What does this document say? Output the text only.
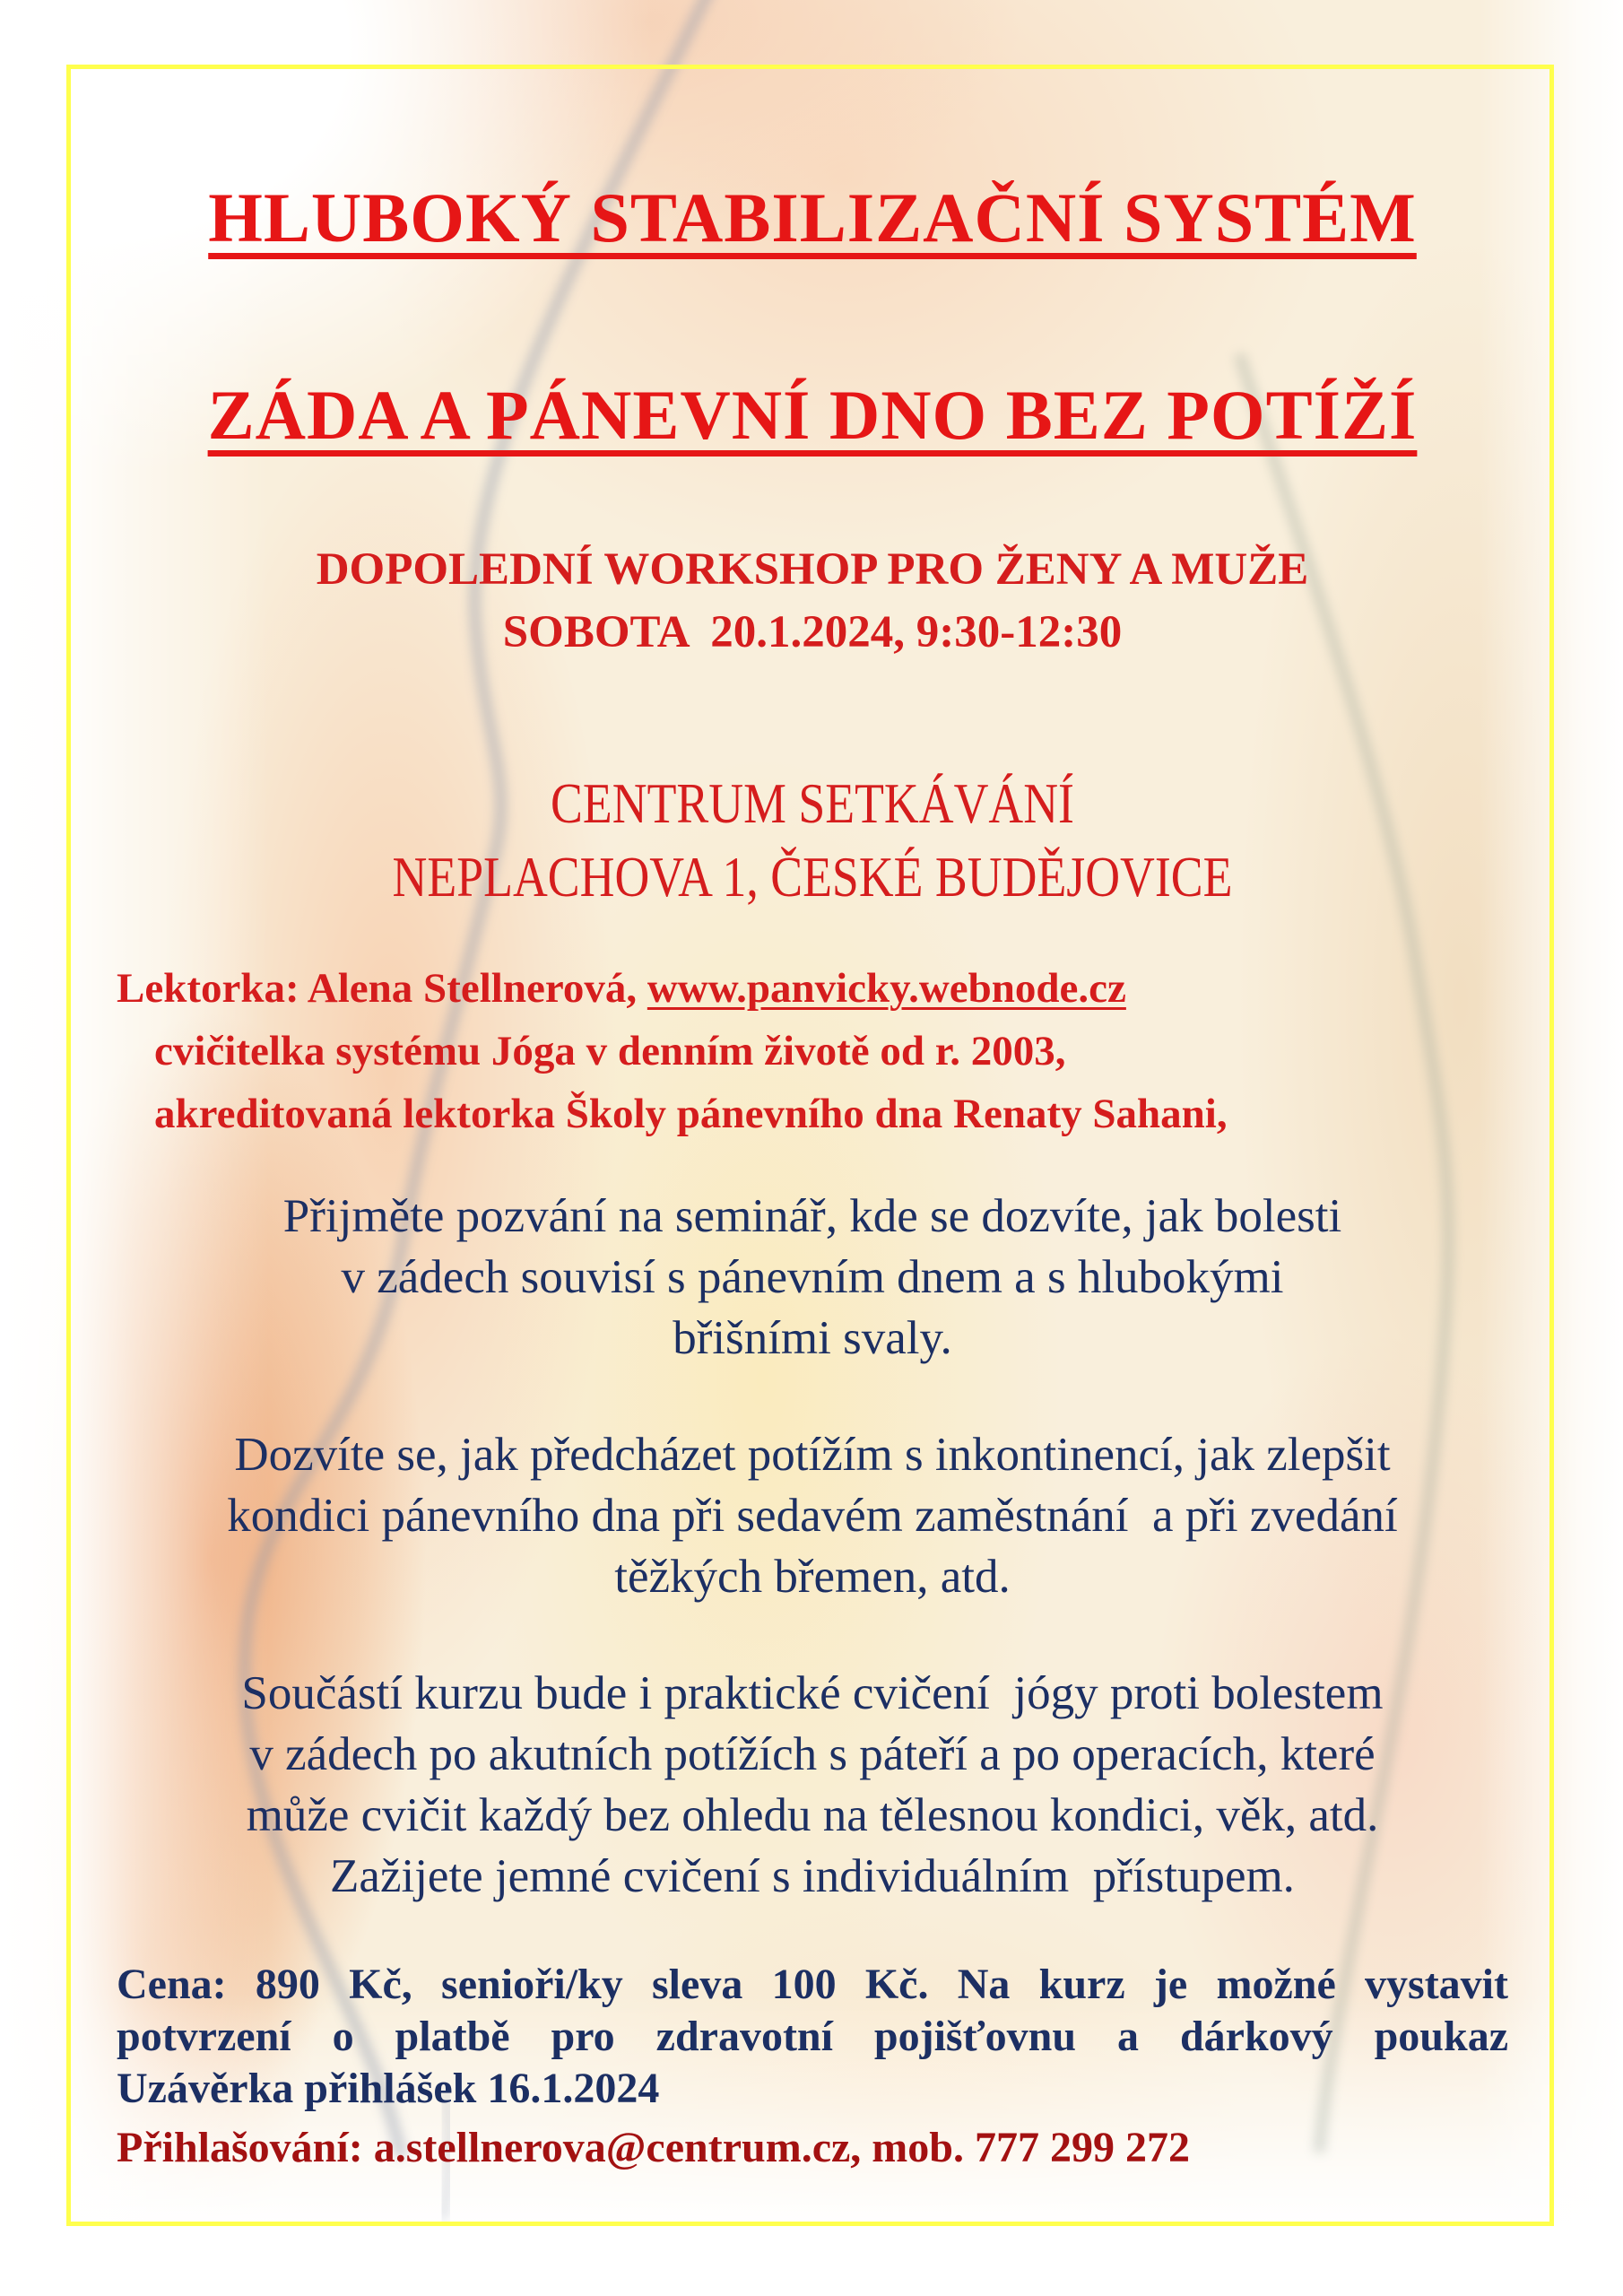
HLUBOKÝ STABILIZAČNÍ SYSTÉM
ZÁDA A PÁNEVNÍ DNO BEZ POTÍŽÍ
DOPOLEDNÍ WORKSHOP PRO ŽENY A MUŽE
SOBOTA  20.1.2024, 9:30-12:30
CENTRUM SETKÁVÁNÍ
NEPLACHOVA 1, ČESKÉ BUDĚJOVICE
Lektorka: Alena Stellnerová, www.panvicky.webnode.cz
cvičitelka systému Jóga v denním životě od r. 2003,
akreditovaná lektorka Školy pánevního dna Renaty Sahani,
Přijměte pozvání na seminář, kde se dozvíte, jak bolesti
v zádech souvisí s pánevním dnem a s hlubokými
břišními svaly.
Dozvíte se, jak předcházet potížím s inkontinencí, jak zlepšit
kondici pánevního dna při sedavém zaměstnání  a při zvedání
těžkých břemen, atd.
Součástí kurzu bude i praktické cvičení  jógy proti bolestem
v zádech po akutních potížích s páteří a po operacích, které
může cvičit každý bez ohledu na tělesnou kondici, věk, atd.
Zažijete jemné cvičení s individuálním  přístupem.
Cena: 890 Kč, senioři/ky sleva 100 Kč. Na kurz je možné vystavit
potvrzení o platbě pro zdravotní pojišťovnu a dárkový poukaz
Uzávěrka přihlášek 16.1.2024
Přihlašování: a.stellnerova@centrum.cz, mob. 777 299 272
